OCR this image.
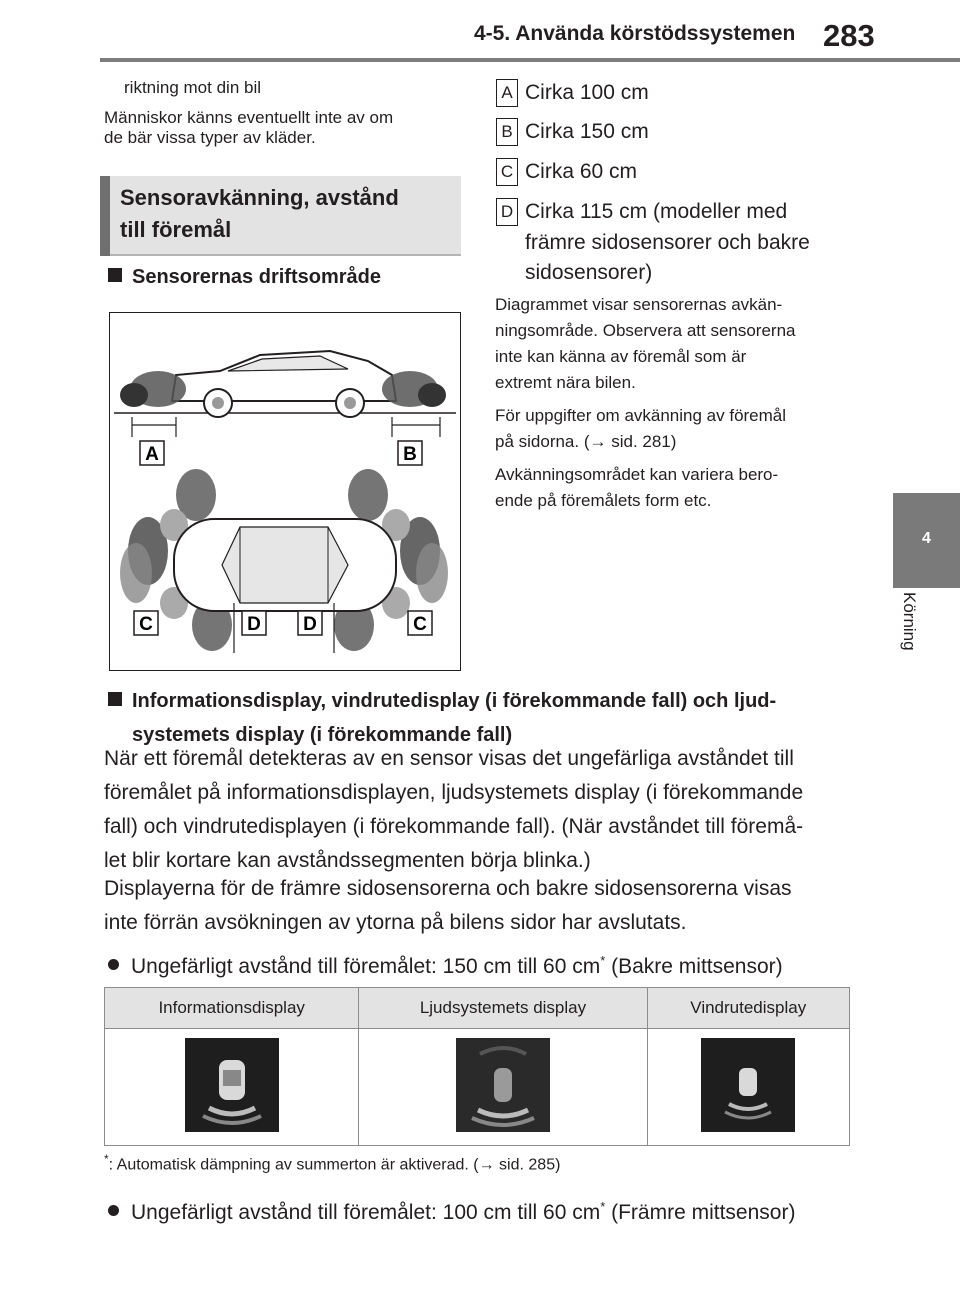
4-5. Använda körstödssystemen 283
4
Körning
riktning mot din bil
Människor känns eventuellt inte av om
de bär vissa typer av kläder.
Sensoravkänning, avstånd
till föremål
Sensorernas driftsområde
A	B
C	D D	C
A Cirka 100 cm
B Cirka 150 cm
C Cirka 60 cm
D Cirka 115 cm (modeller med
främre sidosensorer och bakre
sidosensorer)
Diagrammet visar sensorernas avkän-
ningsområde. Observera att sensorerna
inte kan känna av föremål som är
extremt nära bilen.
För uppgifter om avkänning av föremål
på sidorna. (→ sid. 281)
Avkänningsområdet kan variera bero-
ende på föremålets form etc.
Informationsdisplay, vindrutedisplay (i förekommande fall) och ljud-
systemets display (i förekommande fall)
När ett föremål detekteras av en sensor visas det ungefärliga avståndet till
föremålet på informationsdisplayen, ljudsystemets display (i förekommande
fall) och vindrutedisplayen (i förekommande fall). (När avståndet till föremå-
let blir kortare kan avståndssegmenten börja blinka.)
Displayerna för de främre sidosensorerna och bakre sidosensorerna visas
inte förrän avsökningen av ytorna på bilens sidor har avslutats.
Ungefärligt avstånd till föremålet: 150 cm till 60 cm* (Bakre mittsensor)
Informationsdisplay	Ljudsystemets display	Vindrutedisplay

*: Automatisk dämpning av summerton är aktiverad. (→ sid. 285)
Ungefärligt avstånd till föremålet: 100 cm till 60 cm* (Främre mittsensor)
